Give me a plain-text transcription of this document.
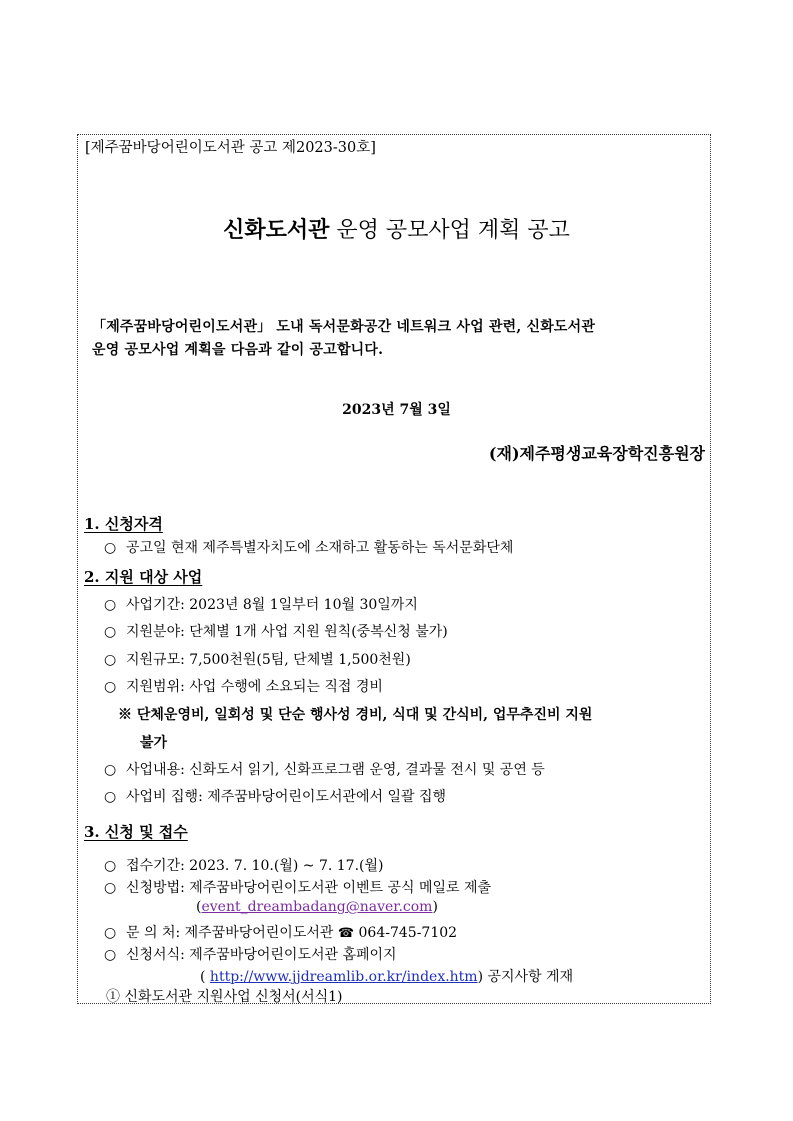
[제주꿈바당어린이도서관 공고 제2023-30호]
신화도서관 운영 공모사업 계획 공고
「제주꿈바당어린이도서관」 도내 독서문화공간 네트워크 사업 관련, 신화도서관
운영 공모사업 계획을 다음과 같이 공고합니다.
2023년 7월 3일
(재)제주평생교육장학진흥원장
1. 신청자격
○ 공고일 현재 제주특별자치도에 소재하고 활동하는 독서문화단체
2. 지원 대상 사업
○ 사업기간: 2023년 8월 1일부터 10월 30일까지
○ 지원분야: 단체별 1개 사업 지원 원칙(중복신청 불가)
○ 지원규모: 7,500천원(5팀, 단체별 1,500천원)
○ 지원범위: 사업 수행에 소요되는 직접 경비
※ 단체운영비, 일회성 및 단순 행사성 경비, 식대 및 간식비, 업무추진비 지원
불가
○ 사업내용: 신화도서 읽기, 신화프로그램 운영, 결과물 전시 및 공연 등
○ 사업비 집행: 제주꿈바당어린이도서관에서 일괄 집행
3. 신청 및 접수
○ 접수기간: 2023. 7. 10.(월) ~ 7. 17.(월)
○ 신청방법: 제주꿈바당어린이도서관 이벤트 공식 메일로 제출
(event_dreambadang@naver.com)
○ 문 의 처: 제주꿈바당어린이도서관 ☎ 064-745-7102
○ 신청서식: 제주꿈바당어린이도서관 홈페이지
( http://www.jjdreamlib.or.kr/index.htm) 공지사항 게재
① 신화도서관 지원사업 신청서(서식1)
